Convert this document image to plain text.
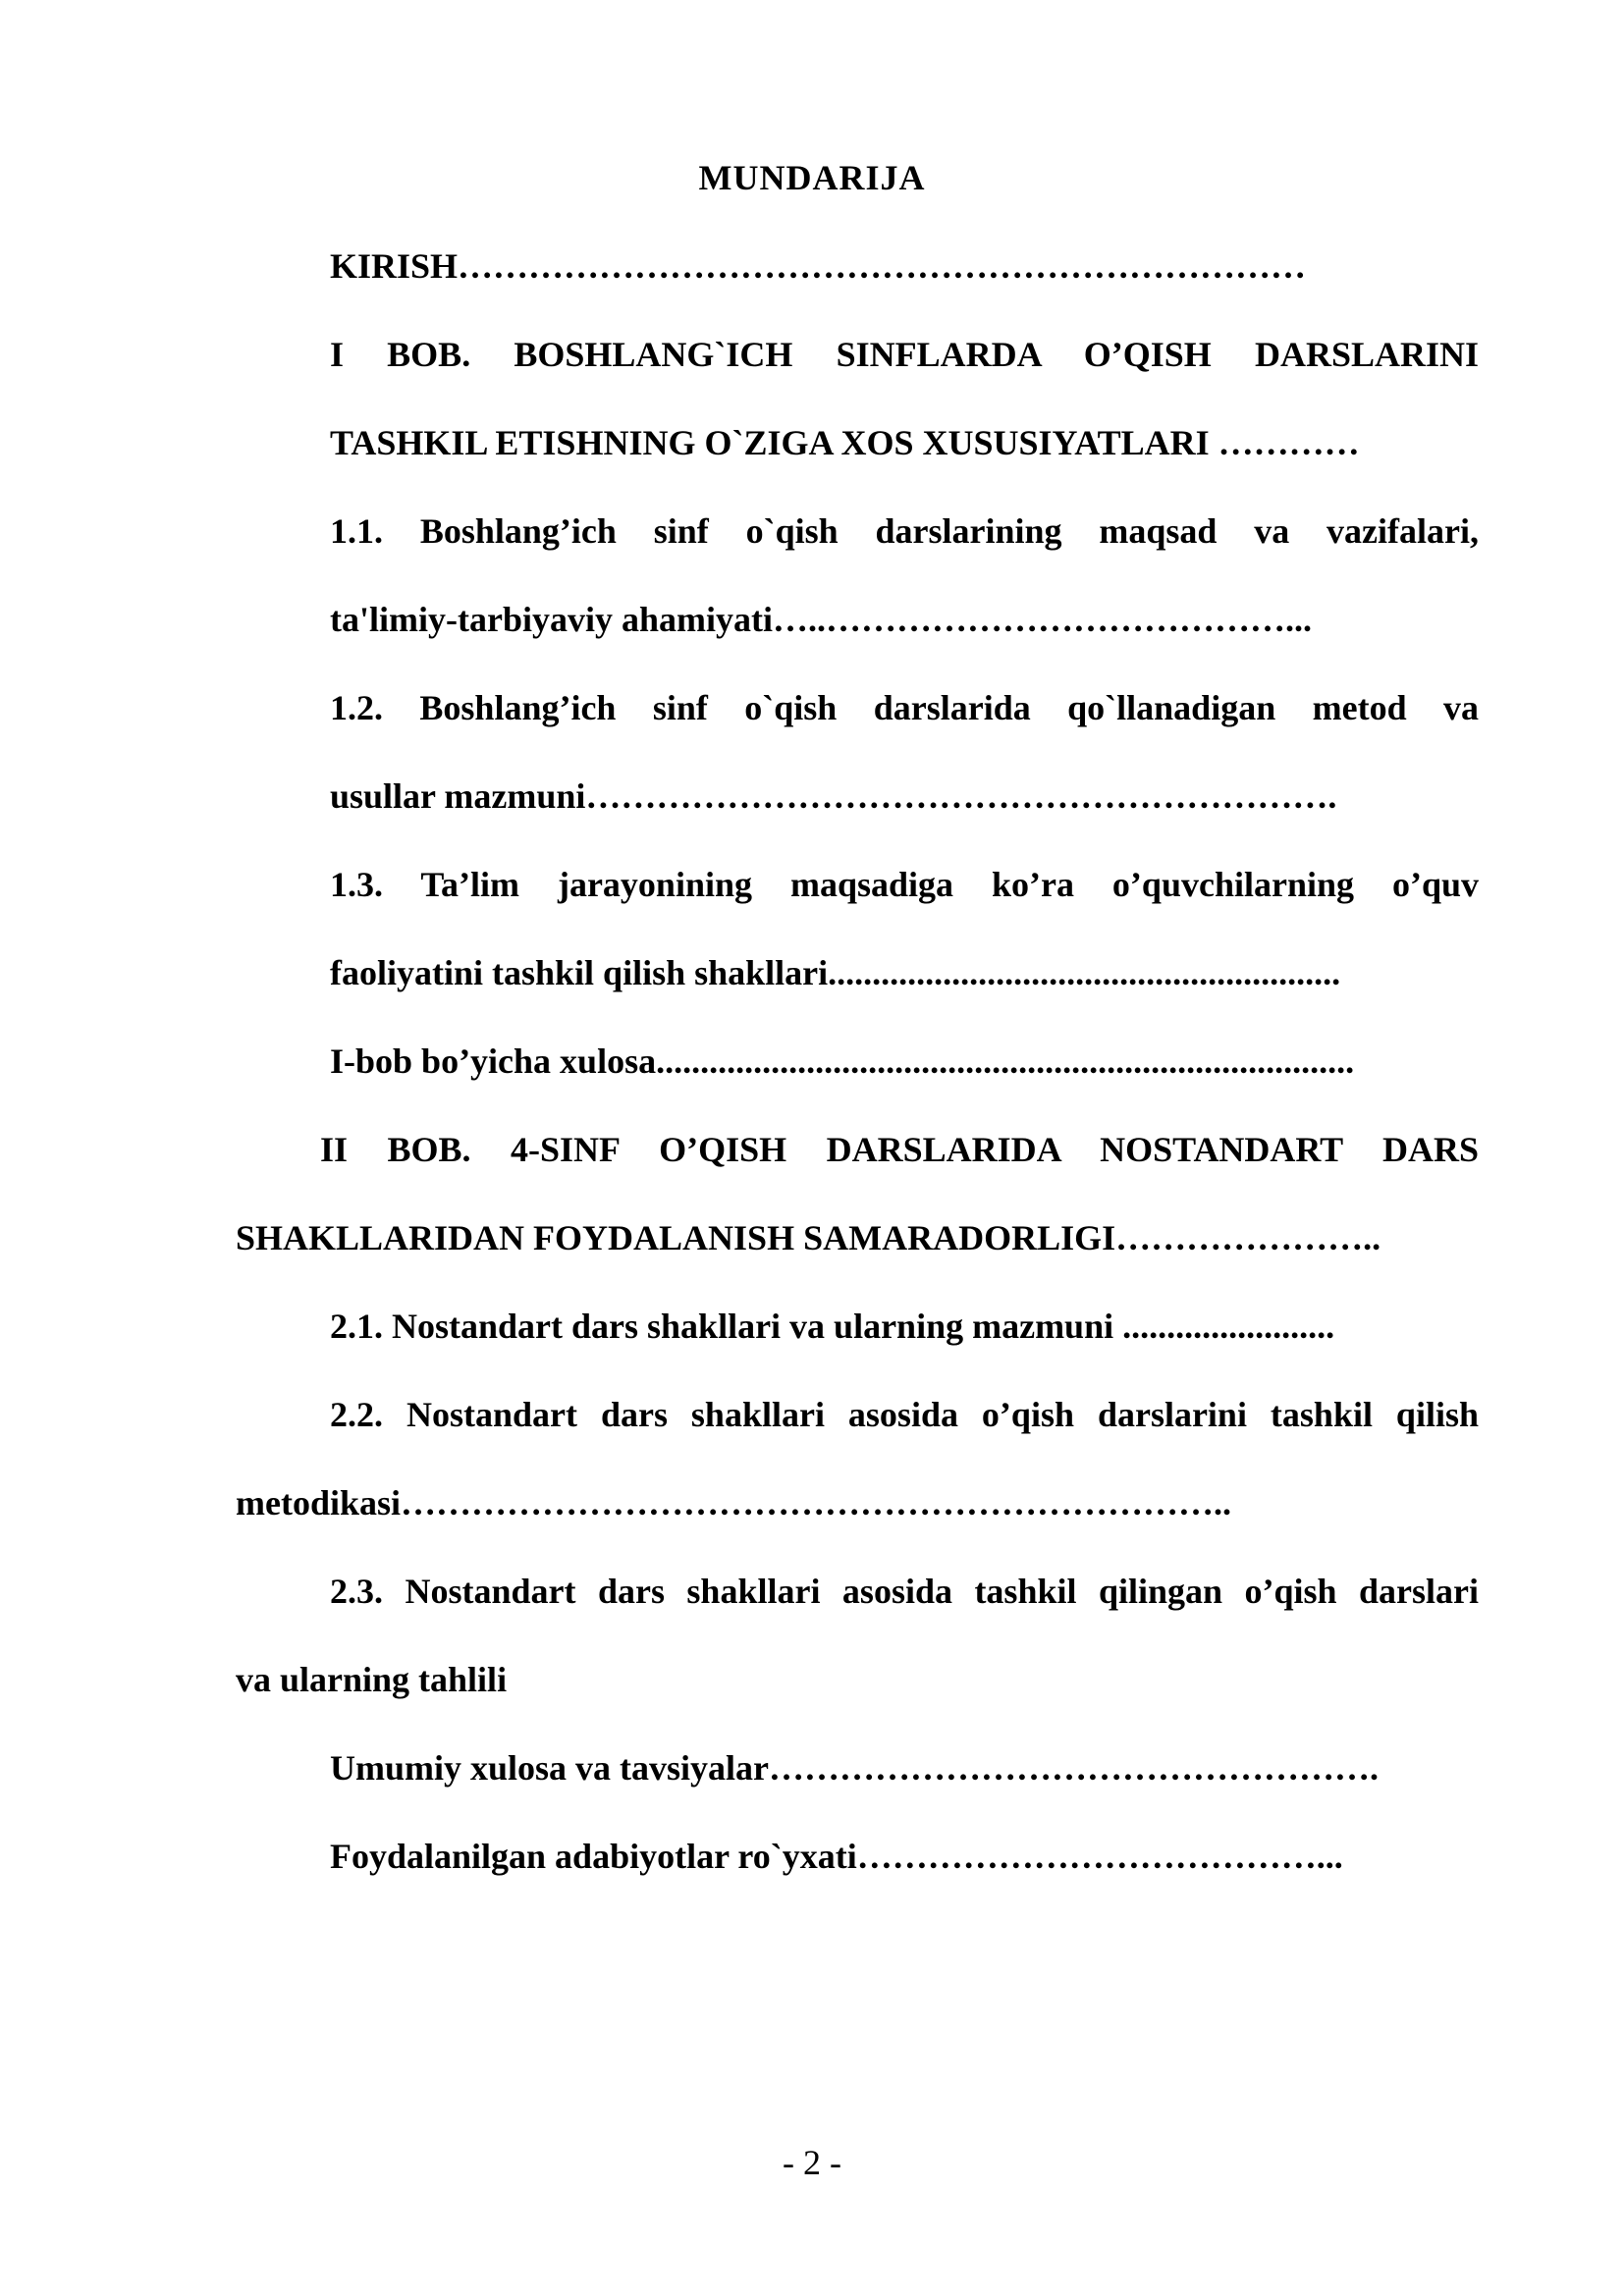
MUNDARIJA
KIRISH………………………………………………………………
I BOB. BOSHLANG`ICH SINFLARDA O’QISH DARSLARINI
TASHKIL ETISHNING O`ZIGA XOS XUSUSIYATLARI …………
1.1. Boshlang’ich sinf o`qish darslarining maqsad va vazifalari,
ta'limiy-tarbiyaviy ahamiyati…..…………………………………...
1.2. Boshlang’ich sinf o`qish darslarida qo`llanadigan metod va
usullar mazmuni……………………………………………………….
1.3. Ta’lim jarayonining maqsadiga ko’ra o’quvchilarning o’quv
faoliyatini tashkil qilish shakllari..........................................................
I-bob bo’yicha xulosa...............................................................................
II BOB. 4-SINF O’QISH DARSLARIDA NOSTANDART DARS
SHAKLLARIDAN FOYDALANISH SAMARADORLIGI…………………..
2.1. Nostandart dars shakllari va ularning mazmuni ........................
2.2. Nostandart dars shakllari asosida o’qish darslarini tashkil qilish
metodikasi……………………………………………………………..
2.3. Nostandart dars shakllari asosida tashkil qilingan o’qish darslari
va ularning tahlili
Umumiy xulosa va tavsiyalar…………………………………………….
Foydalanilgan adabiyotlar ro`yxati…………………………………...
- 2 -
